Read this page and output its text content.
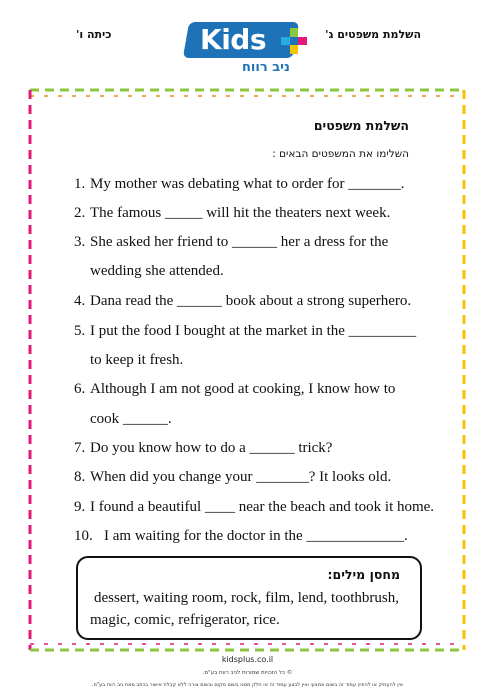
כיתה ו'	השלמת משפטים ג'
Kids
ניב רווח
השלמת משפטים
השלימו את המשפטים הבאים :
1. My mother was debating what to order for _______.
2. The famous _____ will hit the theaters next week.
3. She asked her friend to ______ her a dress for the
wedding she attended.
4. Dana read the ______ book about a strong superhero.
5. I put the food I bought at the market in the _________
to keep it fresh.
6. Although I am not good at cooking, I know how to
cook ______.
7. Do you know how to do a ______ trick?
8. When did you change your _______? It looks old.
9. I found a beautiful ____ near the beach and took it home.
10. I am waiting for the doctor in the _____________.
מחסן מילים:
dessert, waiting room, rock, film, lend, toothbrush,
magic, comic, refrigerator, rice.
kidsplus.co.il
© כל הזכויות שמורות לניב רווח בע"מ.
אין להעתיק או להפיץ עמוד זה בשום אמצעי ואין לבצע עמוד זה או חלק ממנו בשום מקום ובשום צורה ללא קבלת אישור בכתב מאת ניב רווח בע"מ.
